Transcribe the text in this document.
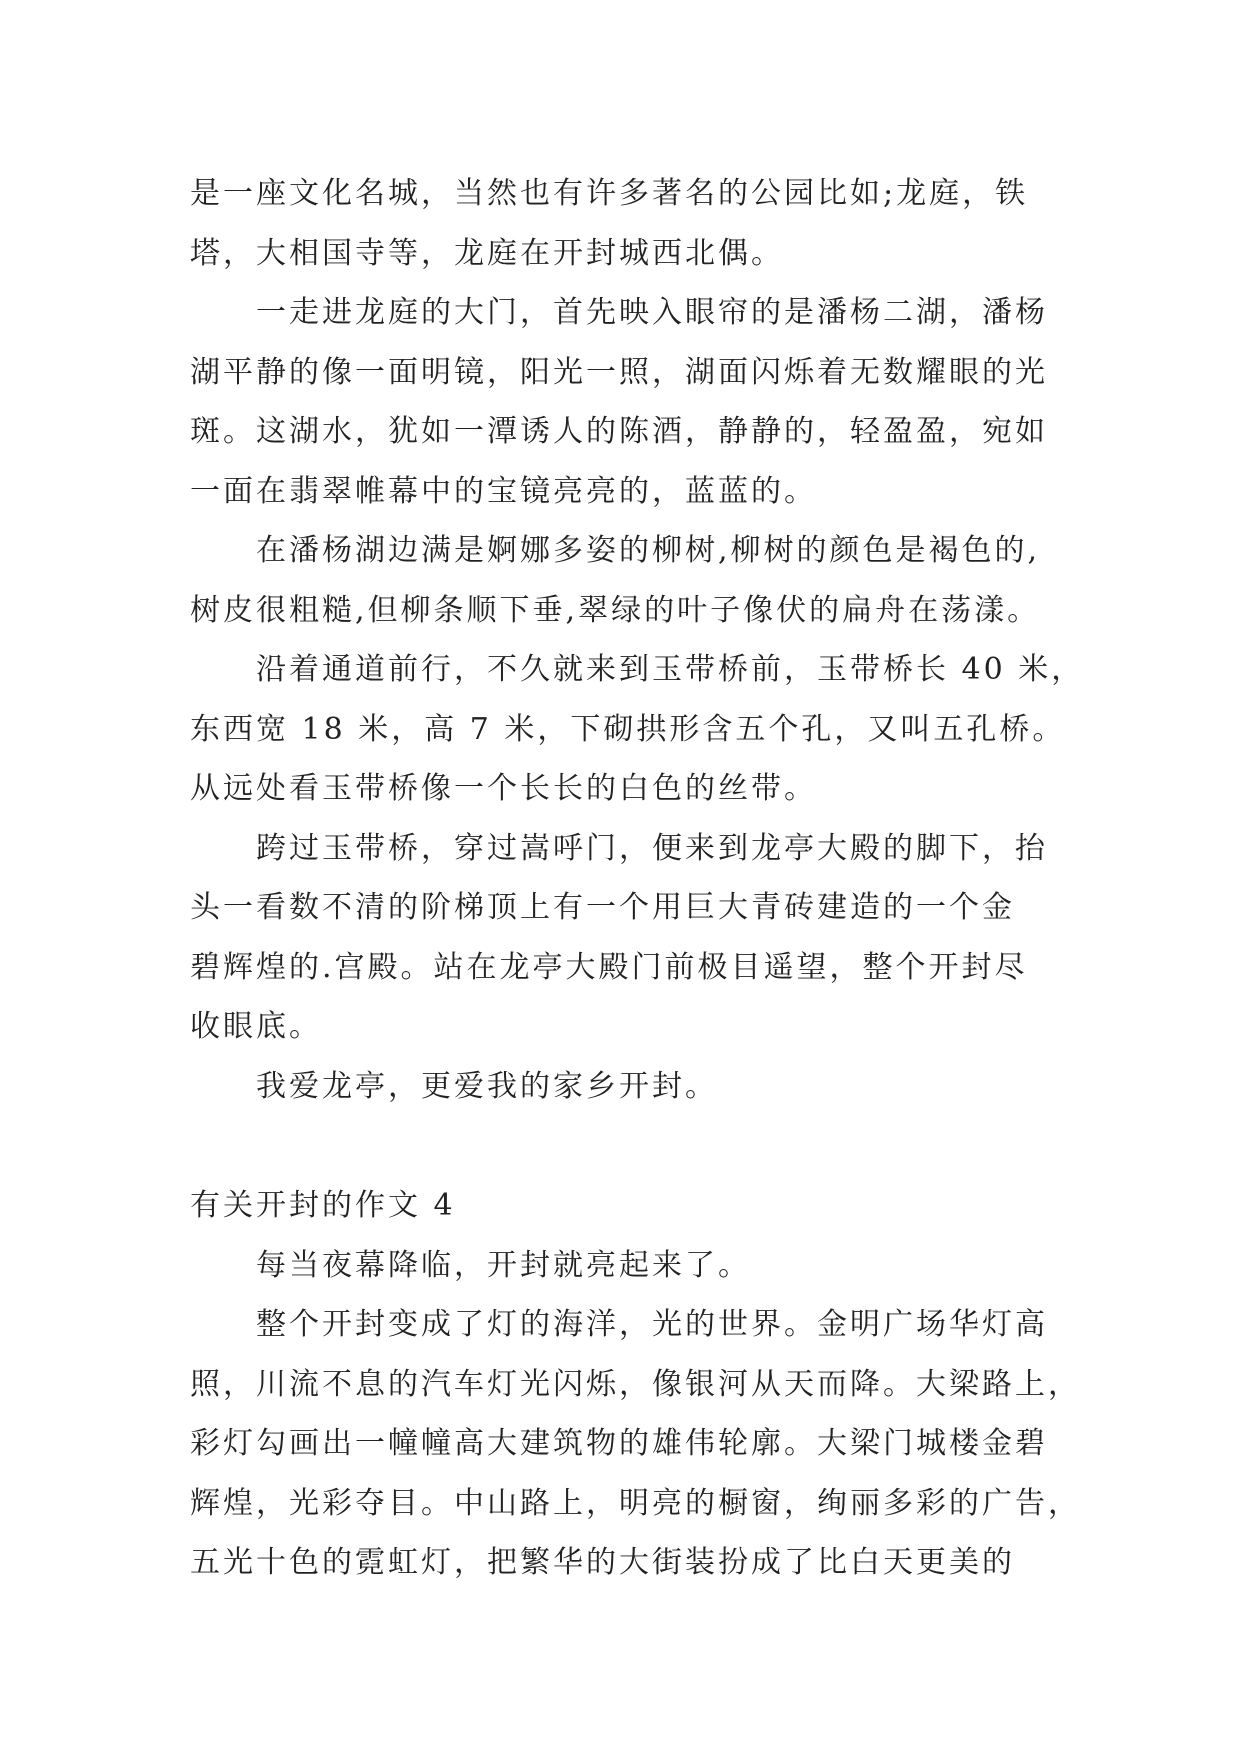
是一座文化名城，当然也有许多著名的公园比如;龙庭，铁
塔，大相国寺等，龙庭在开封城西北偶。
一走进龙庭的大门，首先映入眼帘的是潘杨二湖，潘杨
湖平静的像一面明镜，阳光一照，湖面闪烁着无数耀眼的光
斑。这湖水，犹如一潭诱人的陈酒，静静的，轻盈盈，宛如
一面在翡翠帷幕中的宝镜亮亮的，蓝蓝的。
在潘杨湖边满是婀娜多姿的柳树,柳树的颜色是褐色的,
树皮很粗糙,但柳条顺下垂,翠绿的叶子像伏的扁舟在荡漾。
沿着通道前行，不久就来到玉带桥前，玉带桥长 40 米，
东西宽 18 米，高 7 米，下砌拱形含五个孔，又叫五孔桥。
从远处看玉带桥像一个长长的白色的丝带。
跨过玉带桥，穿过嵩呼门，便来到龙亭大殿的脚下，抬
头一看数不清的阶梯顶上有一个用巨大青砖建造的一个金
碧辉煌的.宫殿。站在龙亭大殿门前极目遥望，整个开封尽
收眼底。
我爱龙亭，更爱我的家乡开封。
有关开封的作文 4
每当夜幕降临，开封就亮起来了。
整个开封变成了灯的海洋，光的世界。金明广场华灯高
照，川流不息的汽车灯光闪烁，像银河从天而降。大梁路上，
彩灯勾画出一幢幢高大建筑物的雄伟轮廓。大梁门城楼金碧
辉煌，光彩夺目。中山路上，明亮的橱窗，绚丽多彩的广告，
五光十色的霓虹灯，把繁华的大街装扮成了比白天更美的
